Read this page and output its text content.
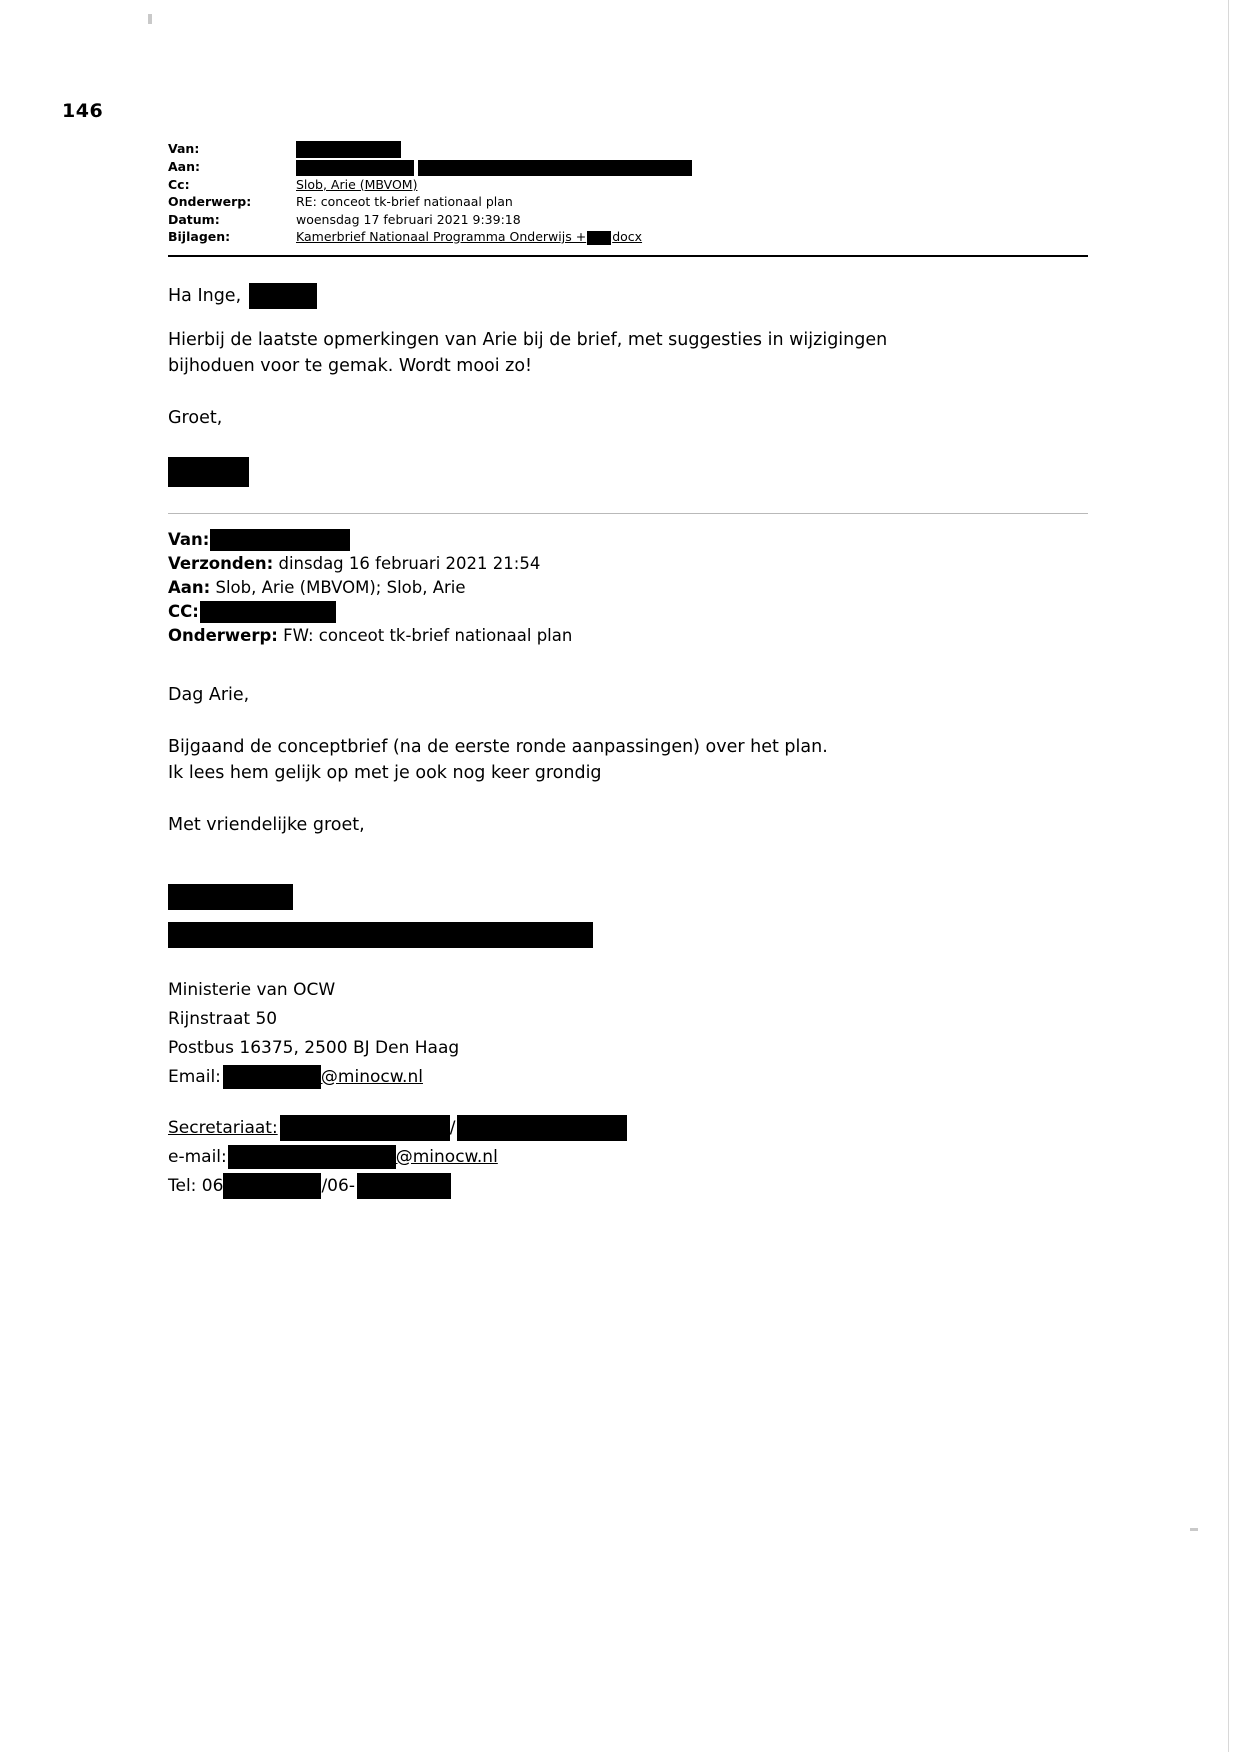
146
Van:
Aan:
Cc:	Slob, Arie (MBVOM)
Onderwerp:	RE: conceot tk-brief nationaal plan
Datum:	woensdag 17 februari 2021 9:39:18
Bijlagen:	Kamerbrief Nationaal Programma Onderwijs + docx
Ha Inge,

Hierbij de laatste opmerkingen van Arie bij de brief, met suggesties in wijzigingen

bijhoduen voor te gemak. Wordt mooi zo!

Groet,

Van:
Verzonden: dinsdag 16 februari 2021 21:54
Aan: Slob, Arie (MBVOM); Slob, Arie
CC:
Onderwerp: FW: conceot tk-brief nationaal plan

Dag Arie,

Bijgaand de conceptbrief (na de eerste ronde aanpassingen) over het plan.

Ik lees hem gelijk op met je ook nog keer grondig

Met vriendelijke groet,

Ministerie van OCW
Rijnstraat 50
Postbus 16375, 2500 BJ Den Haag
Email:	@minocw.nl
Secretariaat:	/
e-mail:	@minocw.nl
Tel: 06	/06-
